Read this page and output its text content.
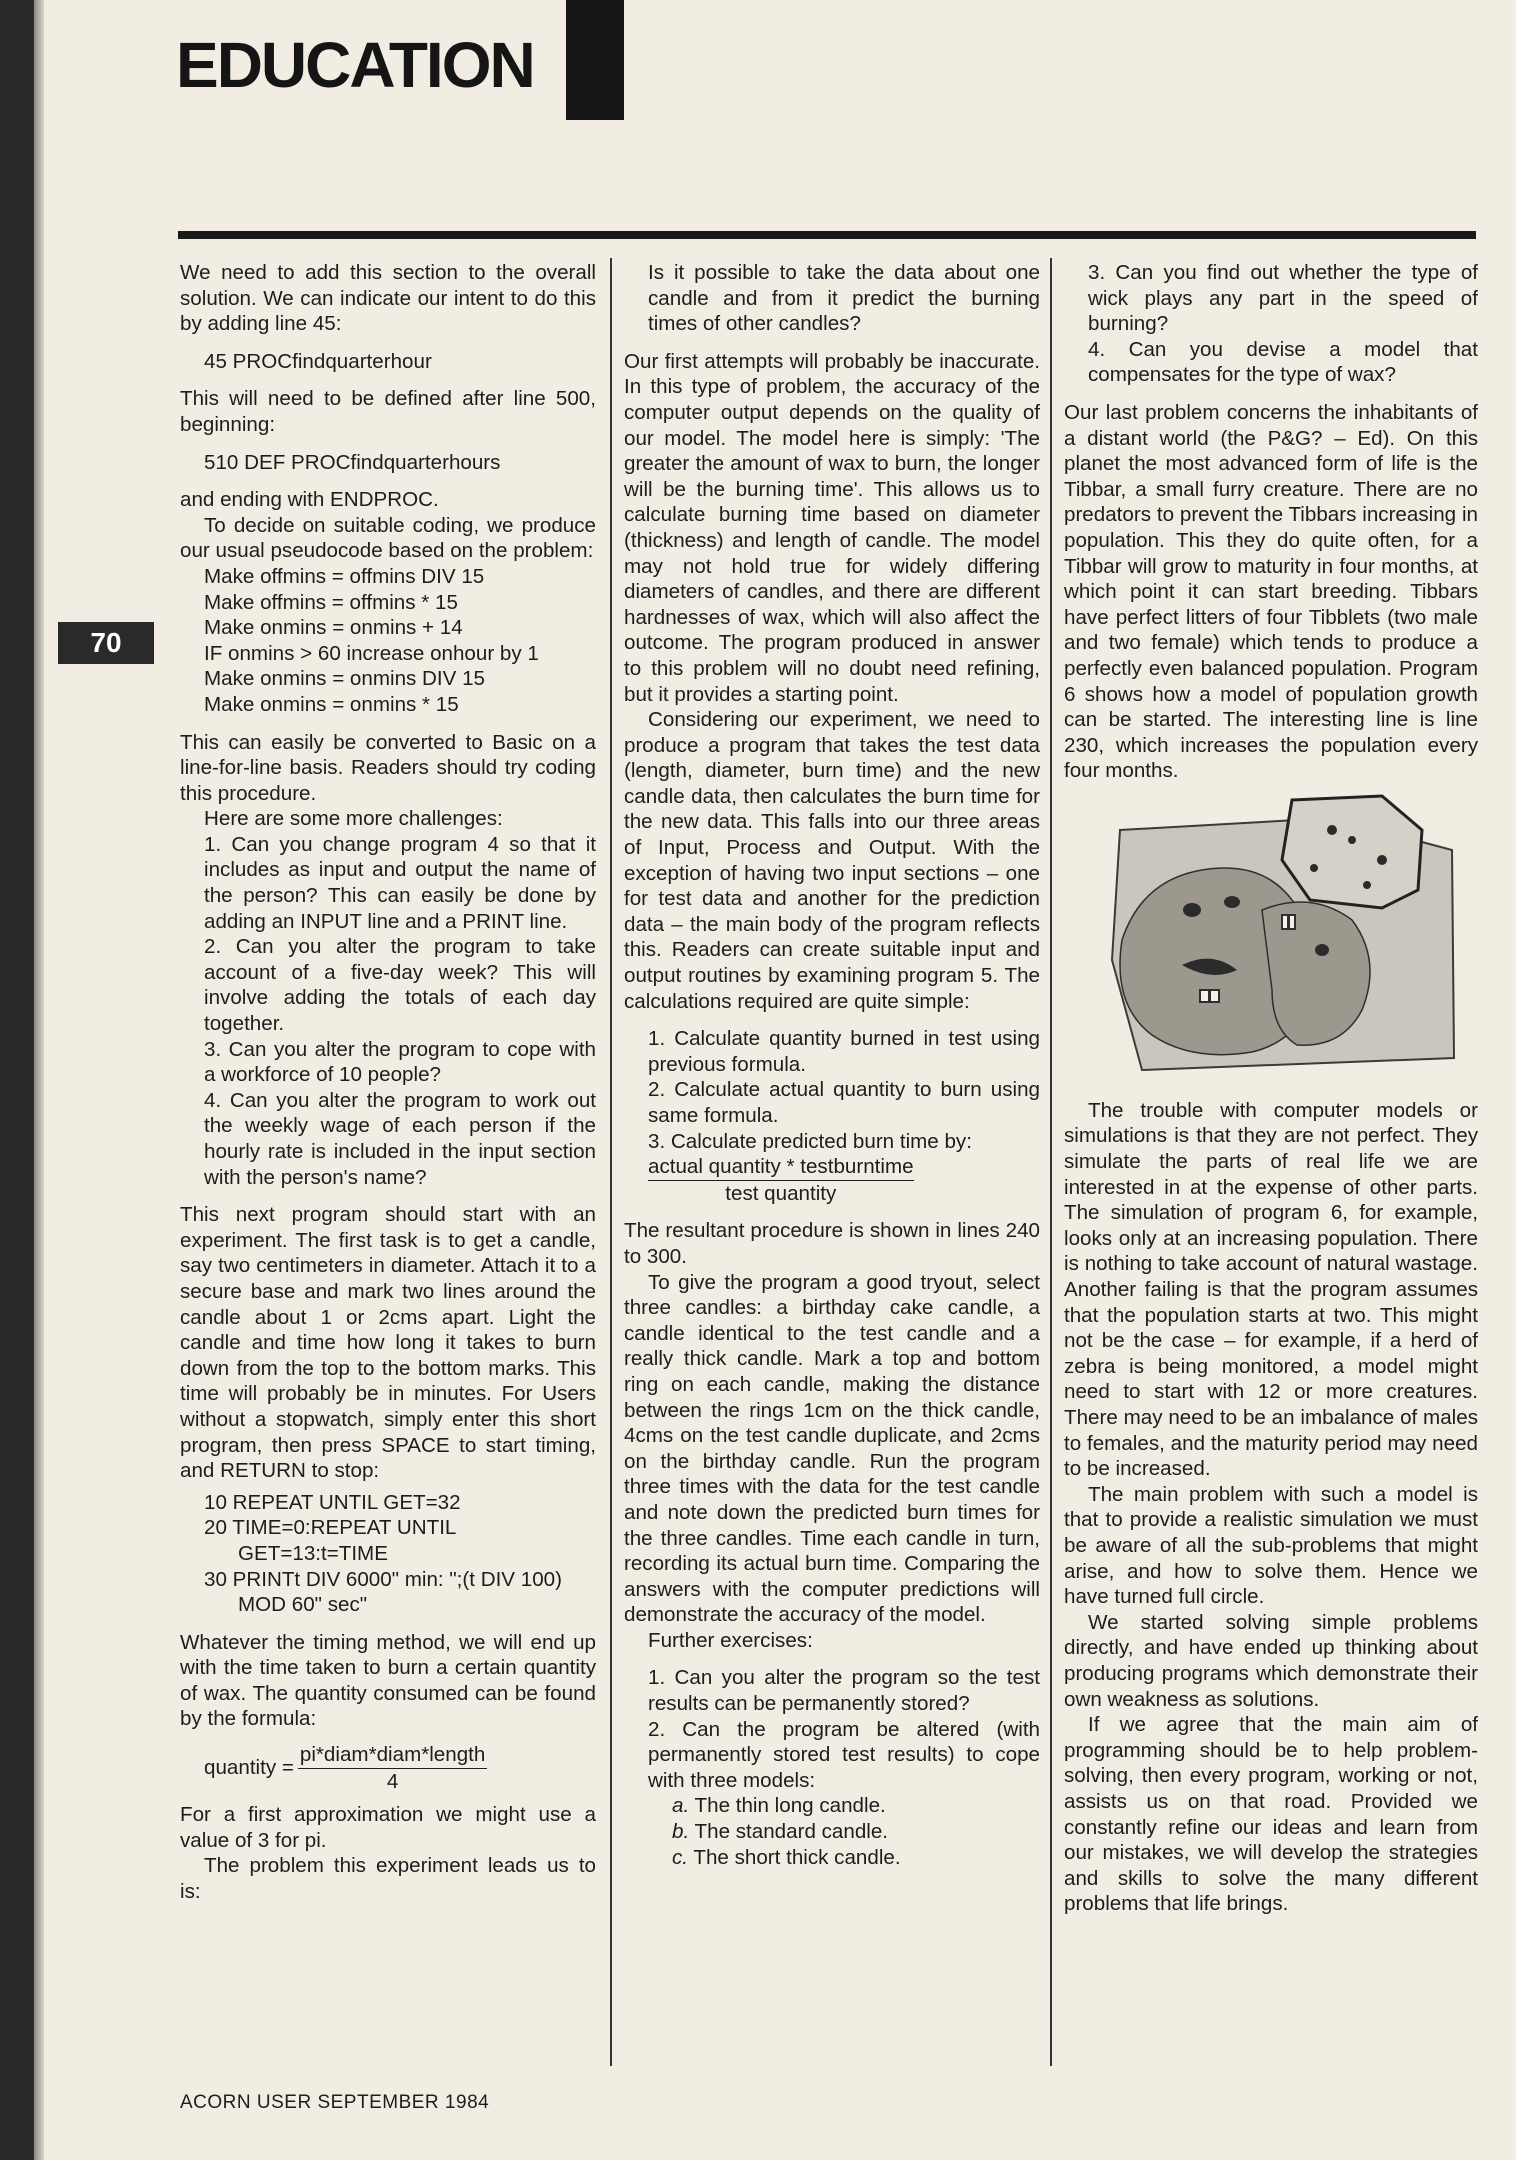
EDUCATION
70

We need to add this section to the overall solution. We can indicate our intent to do this by adding line 45:

45 PROCfindquarterhour

This will need to be defined after line 500, beginning:

510 DEF PROCfindquarterhours

and ending with ENDPROC.

To decide on suitable coding, we produce our usual pseudocode based on the problem:

Make offmins = offmins DIV 15

Make offmins = offmins * 15

Make onmins = onmins + 14

IF onmins > 60 increase onhour by 1

Make onmins = onmins DIV 15

Make onmins = onmins * 15

This can easily be converted to Basic on a line-for-line basis. Readers should try coding this procedure.

Here are some more challenges:

1. Can you change program 4 so that it includes as input and output the name of the person? This can easily be done by adding an INPUT line and a PRINT line.

2. Can you alter the program to take account of a five-day week? This will involve adding the totals of each day together.

3. Can you alter the program to cope with a workforce of 10 people?

4. Can you alter the program to work out the weekly wage of each person if the hourly rate is included in the input section with the person's name?

This next program should start with an experiment. The first task is to get a candle, say two centimeters in diameter. Attach it to a secure base and mark two lines around the candle about 1 or 2cms apart. Light the candle and time how long it takes to burn down from the top to the bottom marks. This time will probably be in minutes. For Users without a stopwatch, simply enter this short program, then press SPACE to start timing, and RETURN to stop:

10 REPEAT UNTIL GET=32

20 TIME=0:REPEAT UNTIL GET=13:t=TIME

30 PRINTt DIV 6000" min: ";(t DIV 100) MOD 60" sec"

Whatever the timing method, we will end up with the time taken to burn a certain quantity of wax. The quantity consumed can be found by the formula:

quantity = $\frac{\text{pi*diam*diam*length}}{4}$

For a first approximation we might use a value of 3 for pi.

The problem this experiment leads us to is:

Is it possible to take the data about one candle and from it predict the burning times of other candles?

Our first attempts will probably be inaccurate. In this type of problem, the accuracy of the computer output depends on the quality of our model. The model here is simply: 'The greater the amount of wax to burn, the longer will be the burning time'. This allows us to calculate burning time based on diameter (thickness) and length of candle. The model may not hold true for widely differing diameters of candles, and there are different hardnesses of wax, which will also affect the outcome. The program produced in answer to this problem will no doubt need refining, but it provides a starting point.

Considering our experiment, we need to produce a program that takes the test data (length, diameter, burn time) and the new candle data, then calculates the burn time for the new data. This falls into our three areas of Input, Process and Output. With the exception of having two input sections – one for test data and another for the prediction data – the main body of the program reflects this. Readers can create suitable input and output routines by examining program 5. The calculations required are quite simple:

1. Calculate quantity burned in test using previous formula.

2. Calculate actual quantity to burn using same formula.

3. Calculate predicted burn time by:

actual quantity * testburntime
test quantity

The resultant procedure is shown in lines 240 to 300.

To give the program a good tryout, select three candles: a birthday cake candle, a candle identical to the test candle and a really thick candle. Mark a top and bottom ring on each candle, making the distance between the rings 1cm on the thick candle, 4cms on the test candle duplicate, and 2cms on the birthday candle. Run the program three times with the data for the test candle and note down the predicted burn times for the three candles. Time each candle in turn, recording its actual burn time. Comparing the answers with the computer predictions will demonstrate the accuracy of the model.

Further exercises:

1. Can you alter the program so the test results can be permanently stored?

2. Can the program be altered (with permanently stored test results) to cope with three models:

a. The thin long candle.

b. The standard candle.

c. The short thick candle.

3. Can you find out whether the type of wick plays any part in the speed of burning?

4. Can you devise a model that compensates for the type of wax?

Our last problem concerns the inhabitants of a distant world (the P&G? – Ed). On this planet the most advanced form of life is the Tibbar, a small furry creature. There are no predators to prevent the Tibbars increasing in population. This they do quite often, for a Tibbar will grow to maturity in four months, at which point it can start breeding. Tibbars have perfect litters of four Tibblets (two male and two female) which tends to produce a perfectly even balanced population. Program 6 shows how a model of population growth can be started. The interesting line is line 230, which increases the population every four months.

The trouble with computer models or simulations is that they are not perfect. They simulate the parts of real life we are interested in at the expense of other parts. The simulation of program 6, for example, looks only at an increasing population. There is nothing to take account of natural wastage. Another failing is that the program assumes that the population starts at two. This might not be the case – for example, if a herd of zebra is being monitored, a model might need to start with 12 or more creatures. There may need to be an imbalance of males to females, and the maturity period may need to be increased.

The main problem with such a model is that to provide a realistic simulation we must be aware of all the sub-problems that might arise, and how to solve them. Hence we have turned full circle.

We started solving simple problems directly, and have ended up thinking about producing programs which demonstrate their own weakness as solutions.

If we agree that the main aim of programming should be to help problem-solving, then every program, working or not, assists us on that road. Provided we constantly refine our ideas and learn from our mistakes, we will develop the strategies and skills to solve the many different problems that life brings.

ACORN USER SEPTEMBER 1984
